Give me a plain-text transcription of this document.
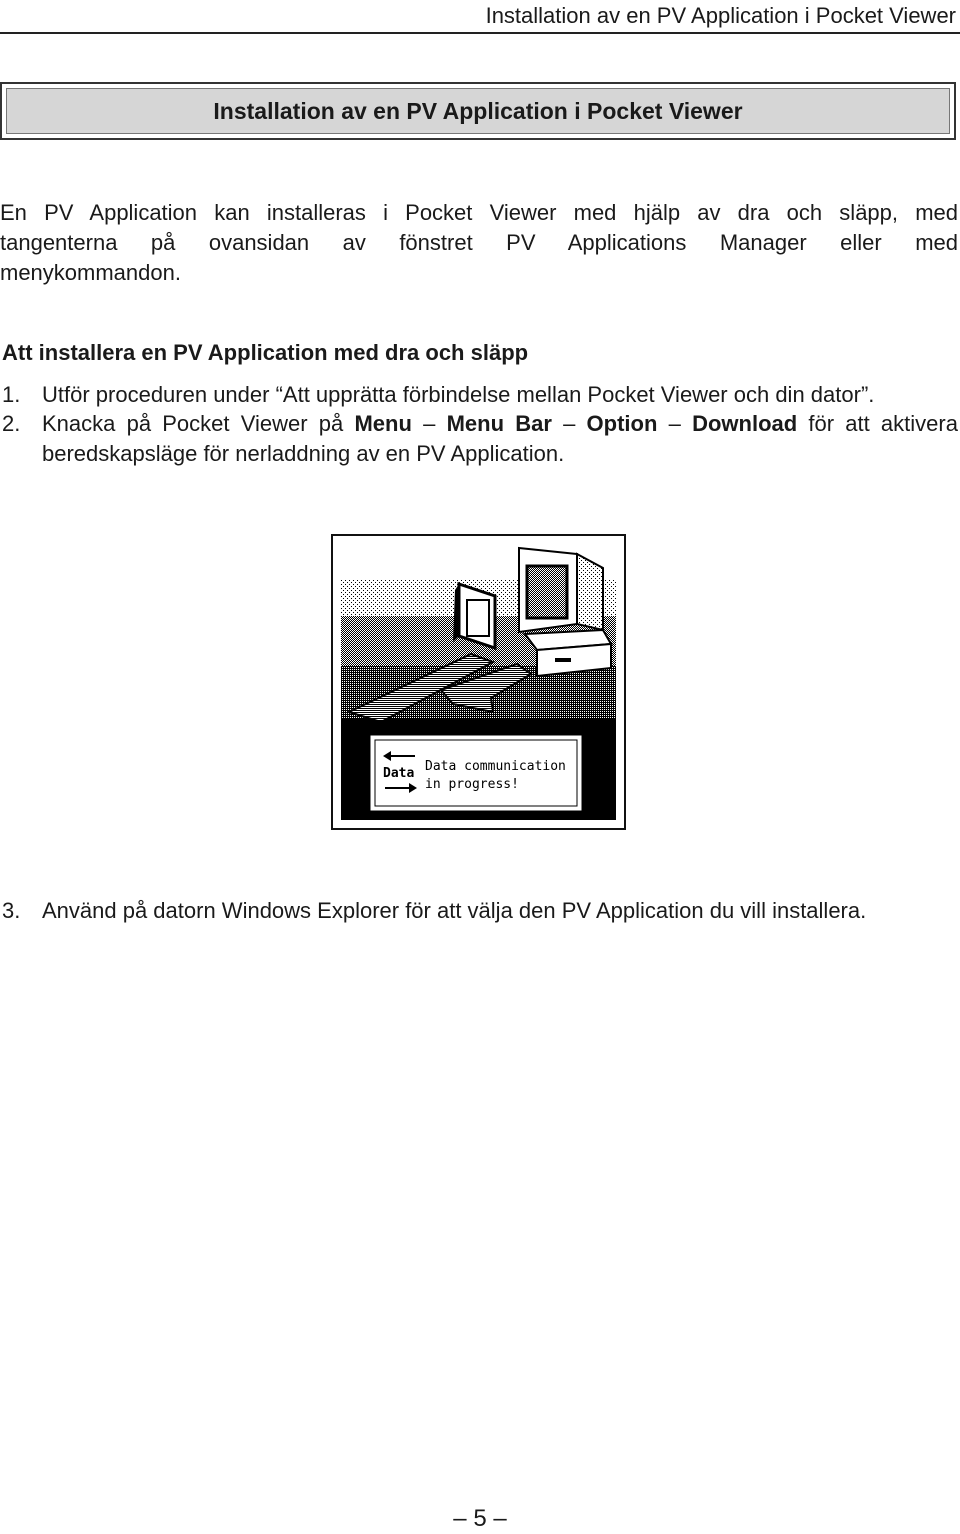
Installation av en PV Application i Pocket Viewer
Installation av en PV Application i Pocket Viewer
En PV Application kan installeras i Pocket Viewer med hjälp av dra och släpp, med
tangenterna på ovansidan av fönstret PV Applications Manager eller med
menykommandon.
Att installera en PV Application med dra och släpp
1. Utför proceduren under “Att upprätta förbindelse mellan Pocket Viewer och din dator”.
2. Knacka på Pocket Viewer på Menu – Menu Bar – Option – Download för att aktivera
beredskapsläge för nerladdning av en PV Application.
Data Data communication
in progress!
3. Använd på datorn Windows Explorer för att välja den PV Application du vill installera.
– 5 –
